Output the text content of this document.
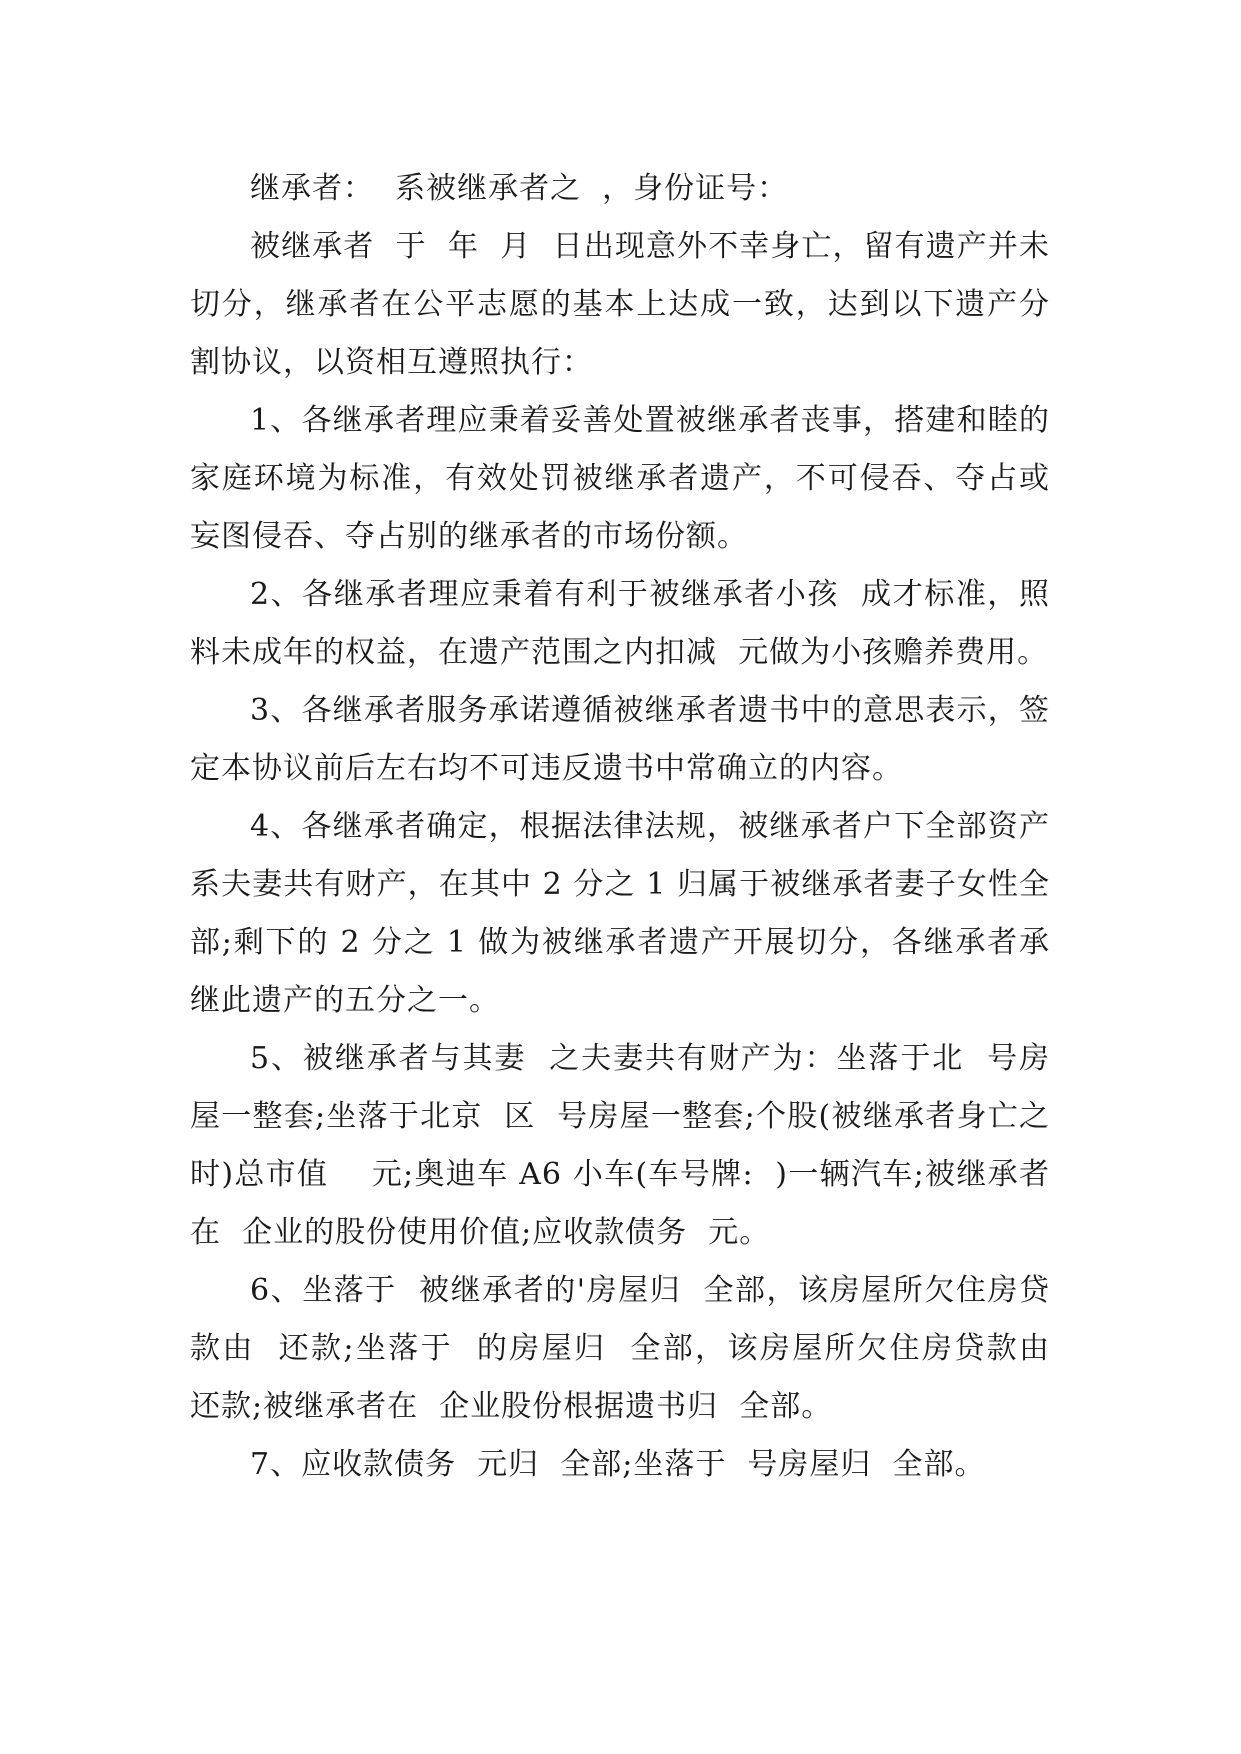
继承者：  系被继承者之  ，身份证号：

被继承者  于  年  月  日出现意外不幸身亡，留有遗产并未切分，继承者在公平志愿的基本上达成一致，达到以下遗产分割协议，以资相互遵照执行：

1、各继承者理应秉着妥善处置被继承者丧事，搭建和睦的家庭环境为标准，有效处罚被继承者遗产，不可侵吞、夺占或妄图侵吞、夺占别的继承者的市场份额。

2、各继承者理应秉着有利于被继承者小孩  成才标准，照料未成年的权益，在遗产范围之内扣减  元做为小孩赡养费用。

3、各继承者服务承诺遵循被继承者遗书中的意思表示，签定本协议前后左右均不可违反遗书中常确立的内容。

4、各继承者确定，根据法律法规，被继承者户下全部资产系夫妻共有财产，在其中 2 分之 1 归属于被继承者妻子女性全部;剩下的 2 分之 1 做为被继承者遗产开展切分，各继承者承继此遗产的五分之一。

5、被继承者与其妻  之夫妻共有财产为：坐落于北  号房屋一整套;坐落于北京  区  号房屋一整套;个股(被继承者身亡之时)总市值    元;奥迪车 A6 小车(车号牌:  )一辆汽车;被继承者在  企业的股份使用价值;应收款债务  元。

6、坐落于  被继承者的'房屋归  全部，该房屋所欠住房贷款由  还款;坐落于  的房屋归  全部，该房屋所欠住房贷款由  还款;被继承者在  企业股份根据遗书归  全部。

7、应收款债务  元归  全部;坐落于  号房屋归  全部。
